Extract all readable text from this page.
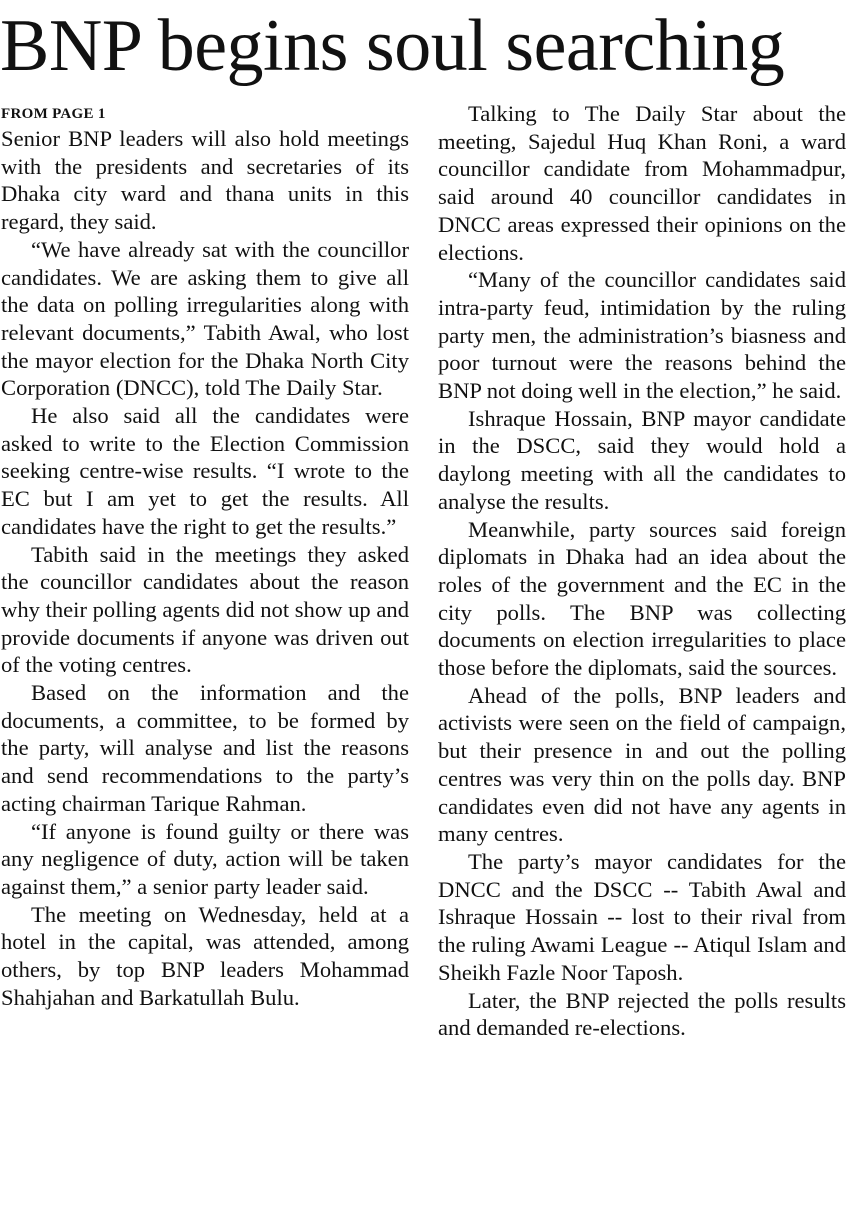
BNP begins soul searching
FROM PAGE 1

Senior BNP leaders will also hold meetings with the presidents and secretaries of its Dhaka city ward and thana units in this regard, they said.

“We have already sat with the councillor candidates. We are asking them to give all the data on polling irregularities along with relevant documents,” Tabith Awal, who lost the mayor election for the Dhaka North City Corporation (DNCC), told The Daily Star.

He also said all the candidates were asked to write to the Election Commission seeking centre-wise results. “I wrote to the EC but I am yet to get the results. All candidates have the right to get the results.”

Tabith said in the meetings they asked the councillor candidates about the reason why their polling agents did not show up and provide documents if anyone was driven out of the voting centres.

Based on the information and the documents, a committee, to be formed by the party, will analyse and list the reasons and send recommendations to the party’s acting chairman Tarique Rahman.

“If anyone is found guilty or there was any negligence of duty, action will be taken against them,” a senior party leader said.

The meeting on Wednesday, held at a hotel in the capital, was attended, among others, by top BNP leaders Mohammad Shahjahan and Barkatullah Bulu.

Talking to The Daily Star about the meeting, Sajedul Huq Khan Roni, a ward councillor candidate from Mohammadpur, said around 40 councillor candidates in DNCC areas expressed their opinions on the elections.

“Many of the councillor candidates said intra-party feud, intimidation by the ruling party men, the administration’s biasness and poor turnout were the reasons behind the BNP not doing well in the election,” he said.

Ishraque Hossain, BNP mayor candidate in the DSCC, said they would hold a daylong meeting with all the candidates to analyse the results.

Meanwhile, party sources said foreign diplomats in Dhaka had an idea about the roles of the government and the EC in the city polls. The BNP was collecting documents on election irregularities to place those before the diplomats, said the sources.

Ahead of the polls, BNP leaders and activists were seen on the field of campaign, but their presence in and out the polling centres was very thin on the polls day. BNP candidates even did not have any agents in many centres.

The party’s mayor candidates for the DNCC and the DSCC -- Tabith Awal and Ishraque Hossain -- lost to their rival from the ruling Awami League -- Atiqul Islam and Sheikh Fazle Noor Taposh.

Later, the BNP rejected the polls results and demanded re-elections.
